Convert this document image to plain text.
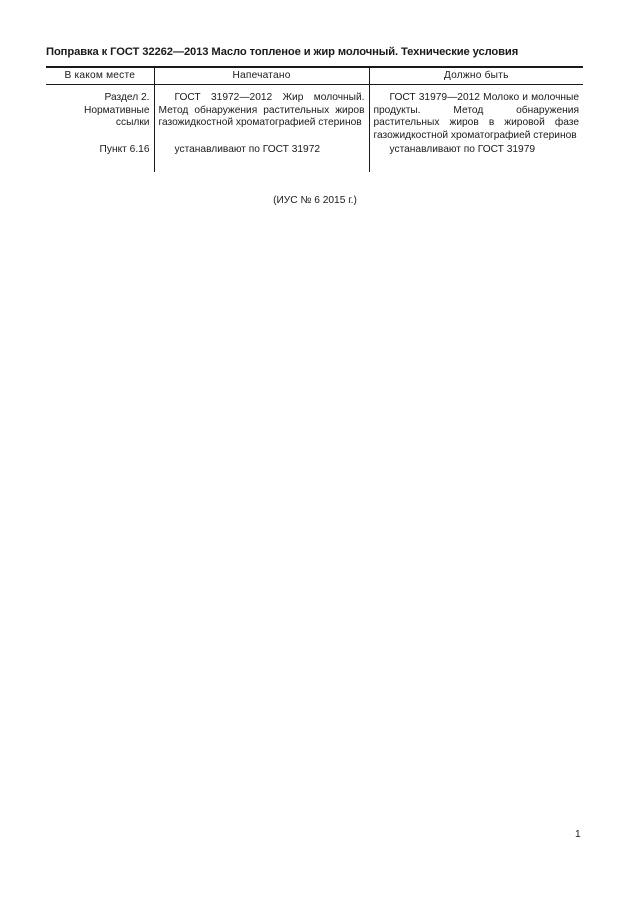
Поправка к ГОСТ 32262—2013 Масло топленое и жир молочный. Технические условия
В каком месте	Напечатано	Должно быть
Раздел 2. Нормативные ссылки	ГОСТ 31972—2012 Жир молочный. Метод обнаружения растительных жиров газожидкостной хроматографией стеринов	ГОСТ 31979—2012 Молоко и молочные продукты. Метод обнаружения растительных жиров в жировой фазе газожидкостной хроматографией стеринов
Пункт 6.16	устанавливают по ГОСТ 31972	устанавливают по ГОСТ 31979
(ИУС № 6 2015 г.)
1
